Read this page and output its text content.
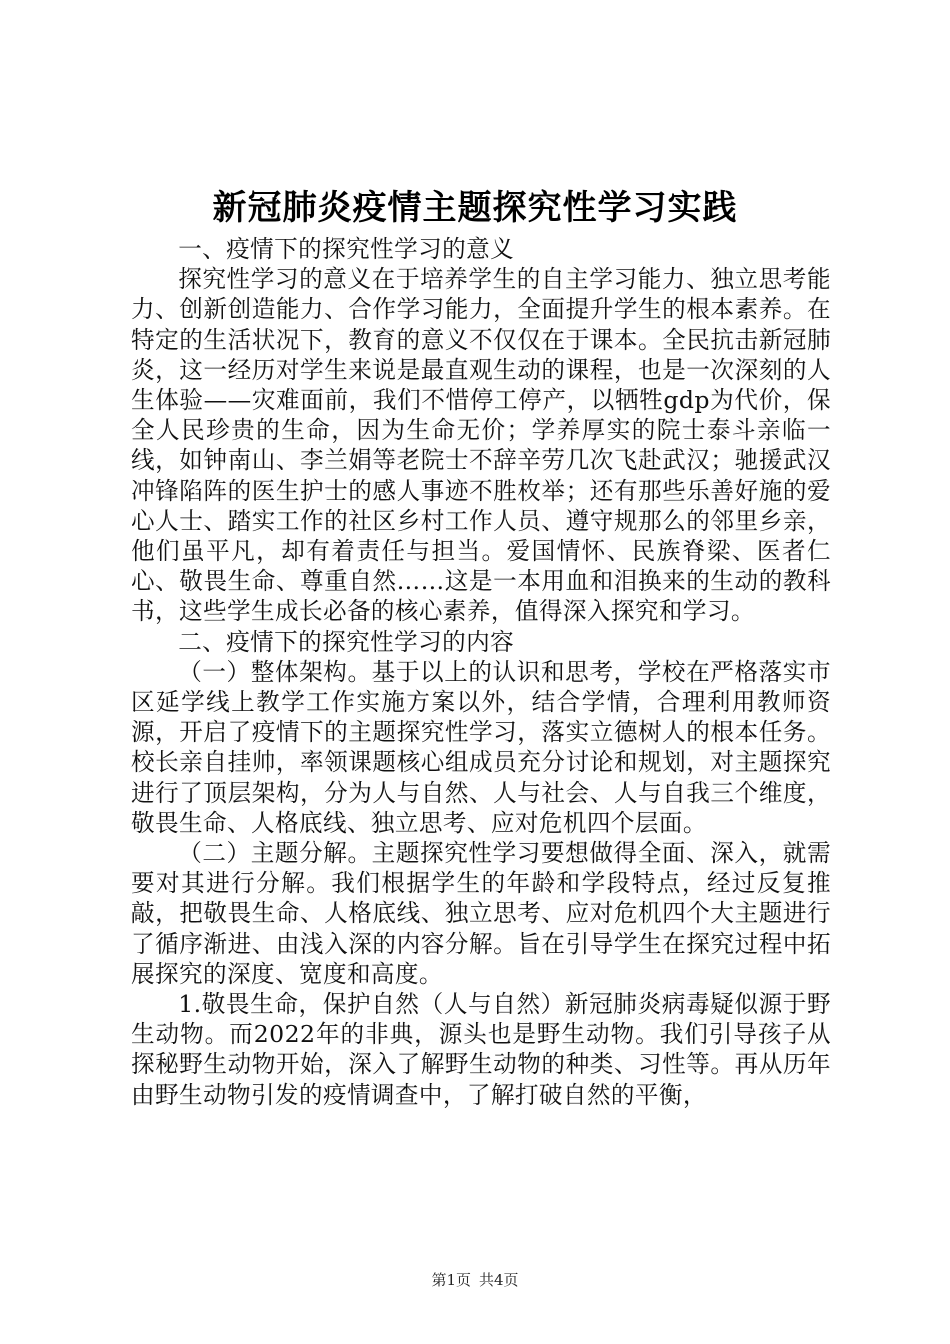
新冠肺炎疫情主题探究性学习实践

一、疫情下的探究性学习的意义

探究性学习的意义在于培养学生的自主学习能力、独立思考能力、创新创造能力、合作学习能力，全面提升学生的根本素养。在特定的生活状况下，教育的意义不仅仅在于课本。全民抗击新冠肺炎，这一经历对学生来说是最直观生动的课程，也是一次深刻的人生体验——灾难面前，我们不惜停工停产，以牺牲gdp为代价，保全人民珍贵的生命，因为生命无价；学养厚实的院士泰斗亲临一线，如钟南山、李兰娟等老院士不辞辛劳几次飞赴武汉；驰援武汉冲锋陷阵的医生护士的感人事迹不胜枚举；还有那些乐善好施的爱心人士、踏实工作的社区乡村工作人员、遵守规那么的邻里乡亲，他们虽平凡，却有着责任与担当。爱国情怀、民族脊梁、医者仁心、敬畏生命、尊重自然……这是一本用血和泪换来的生动的教科书，这些学生成长必备的核心素养，值得深入探究和学习。

二、疫情下的探究性学习的内容

（一）整体架构。基于以上的认识和思考，学校在严格落实市区延学线上教学工作实施方案以外，结合学情，合理利用教师资源，开启了疫情下的主题探究性学习，落实立德树人的根本任务。校长亲自挂帅，率领课题核心组成员充分讨论和规划，对主题探究进行了顶层架构，分为人与自然、人与社会、人与自我三个维度，敬畏生命、人格底线、独立思考、应对危机四个层面。

（二）主题分解。主题探究性学习要想做得全面、深入，就需要对其进行分解。我们根据学生的年龄和学段特点，经过反复推敲，把敬畏生命、人格底线、独立思考、应对危机四个大主题进行了循序渐进、由浅入深的内容分解。旨在引导学生在探究过程中拓展探究的深度、宽度和高度。

1.敬畏生命，保护自然（人与自然）新冠肺炎病毒疑似源于野生动物。而2022年的非典，源头也是野生动物。我们引导孩子从探秘野生动物开始，深入了解野生动物的种类、习性等。再从历年由野生动物引发的疫情调查中，了解打破自然的平衡，

第1页 共4页
